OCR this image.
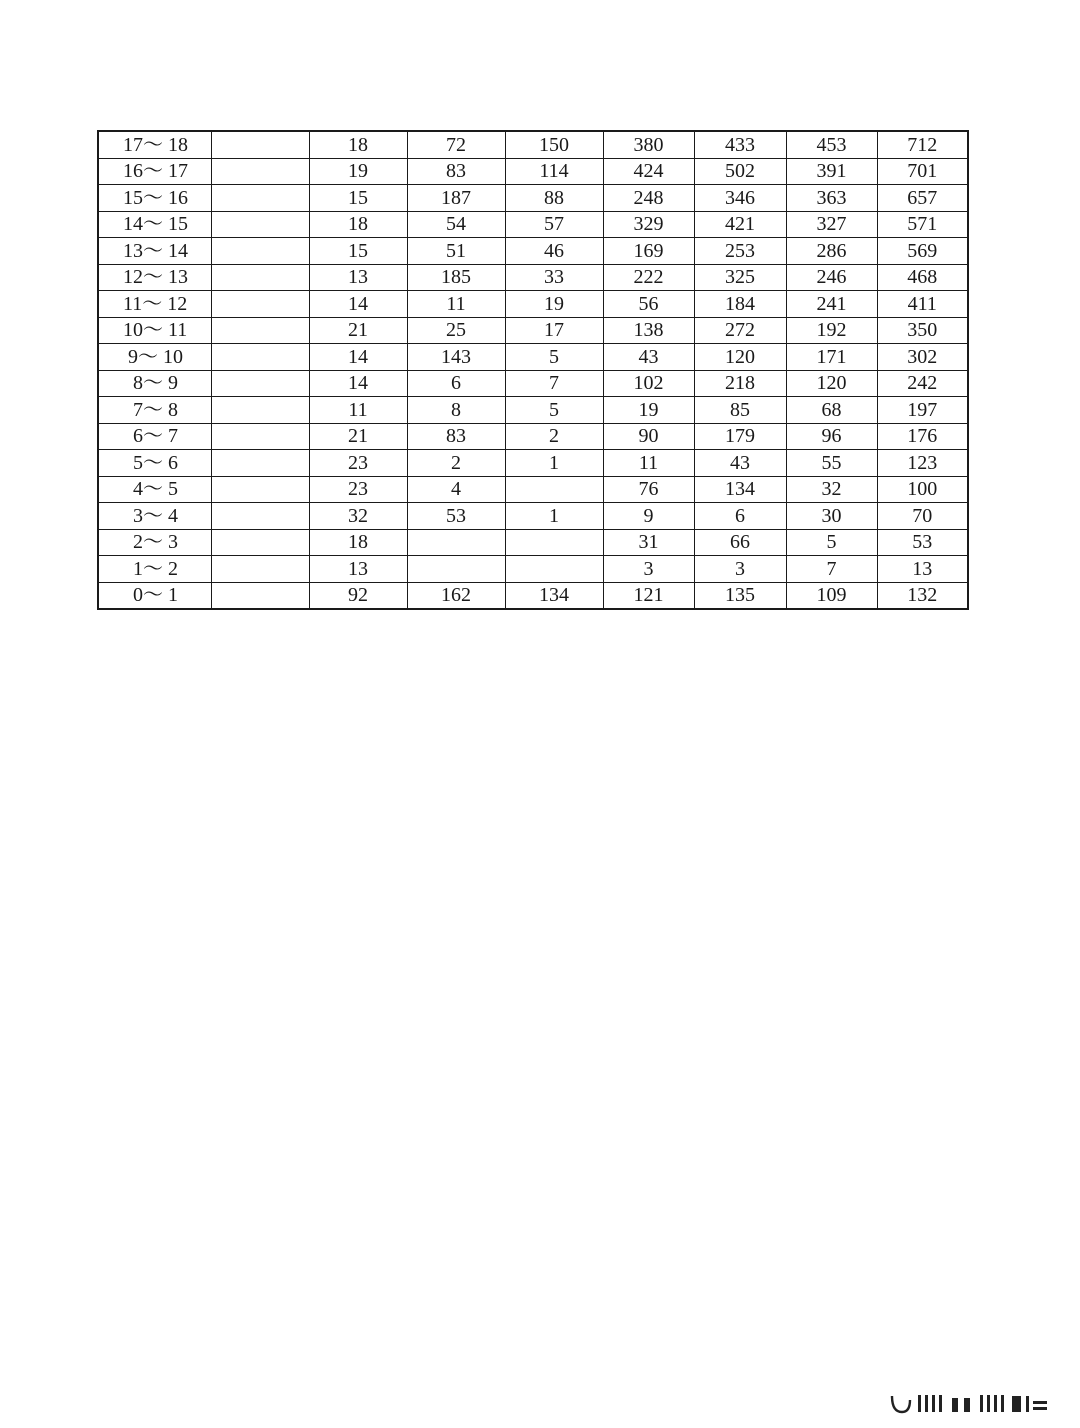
17～ 18		18	72	150	380	433	453	712
16～ 17		19	83	114	424	502	391	701
15～ 16		15	187	88	248	346	363	657
14～ 15		18	54	57	329	421	327	571
13～ 14		15	51	46	169	253	286	569
12～ 13		13	185	33	222	325	246	468
11～ 12		14	11	19	56	184	241	411
10～ 11		21	25	17	138	272	192	350
9～ 10		14	143	5	43	120	171	302
8～ 9		14	6	7	102	218	120	242
7～ 8		11	8	5	19	85	68	197
6～ 7		21	83	2	90	179	96	176
5～ 6		23	2	1	11	43	55	123
4～ 5		23	4		76	134	32	100
3～ 4		32	53	1	9	6	30	70
2～ 3		18			31	66	5	53
1～ 2		13			3	3	7	13
0～ 1		92	162	134	121	135	109	132
